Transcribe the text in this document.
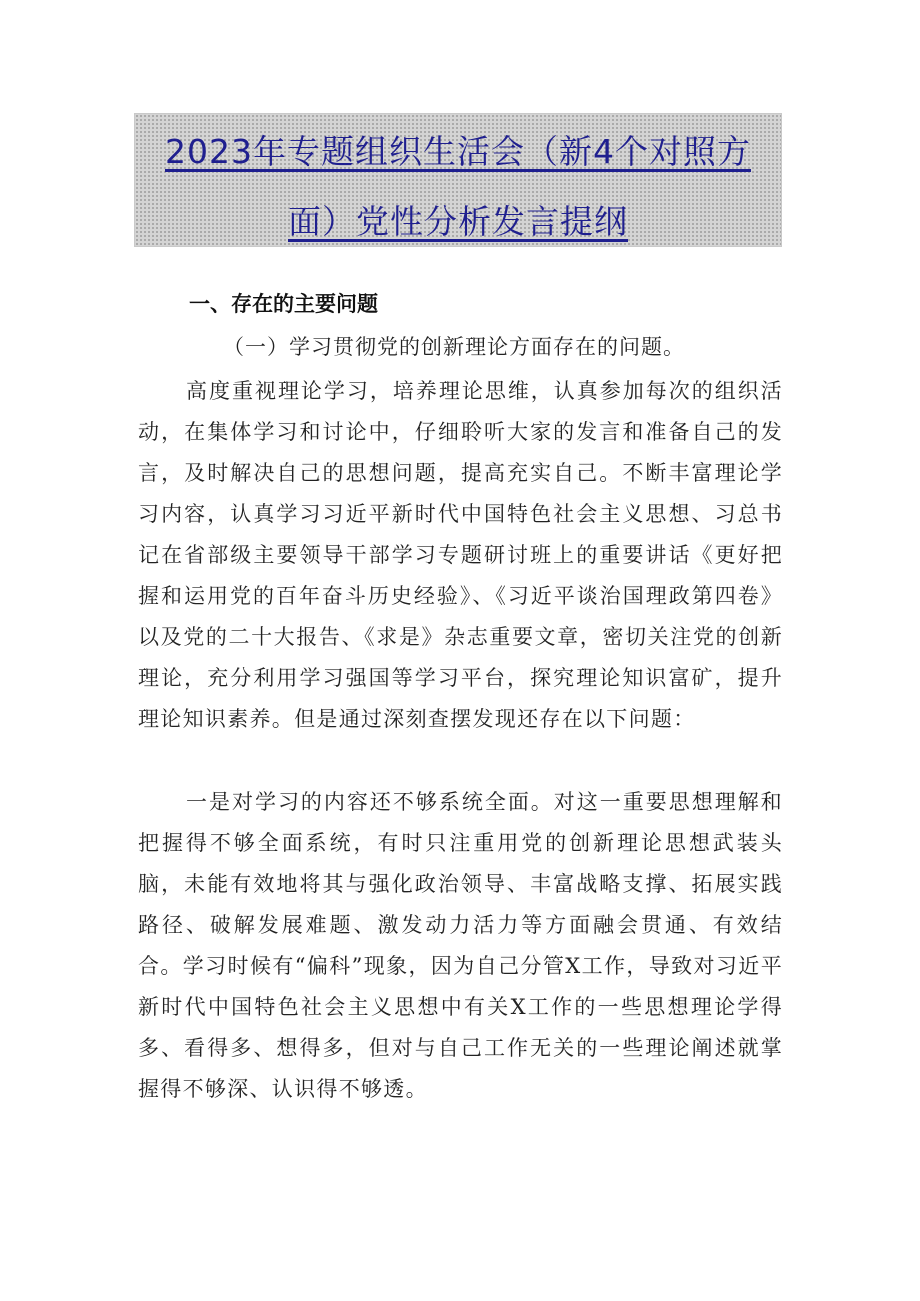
2023年专题组织生活会（新4个对照方
面）党性分析发言提纲
一、存在的主要问题
（一）学习贯彻党的创新理论方面存在的问题。

高度重视理论学习，培养理论思维，认真参加每次的组织活动，在集体学习和讨论中，仔细聆听大家的发言和准备自己的发言，及时解决自己的思想问题，提高充实自己。不断丰富理论学习内容，认真学习习近平新时代中国特色社会主义思想、习总书记在省部级主要领导干部学习专题研讨班上的重要讲话《更好把握和运用党的百年奋斗历史经验》、《习近平谈治国理政第四卷》以及党的二十大报告、《求是》杂志重要文章，密切关注党的创新理论，充分利用学习强国等学习平台，探究理论知识富矿，提升理论知识素养。但是通过深刻查摆发现还存在以下问题：

一是对学习的内容还不够系统全面。对这一重要思想理解和把握得不够全面系统，有时只注重用党的创新理论思想武装头脑，未能有效地将其与强化政治领导、丰富战略支撑、拓展实践路径、破解发展难题、激发动力活力等方面融会贯通、有效结合。学习时候有“偏科”现象，因为自己分管X工作，导致对习近平新时代中国特色社会主义思想中有关X工作的一些思想理论学得多、看得多、想得多，但对与自己工作无关的一些理论阐述就掌握得不够深、认识得不够透。
